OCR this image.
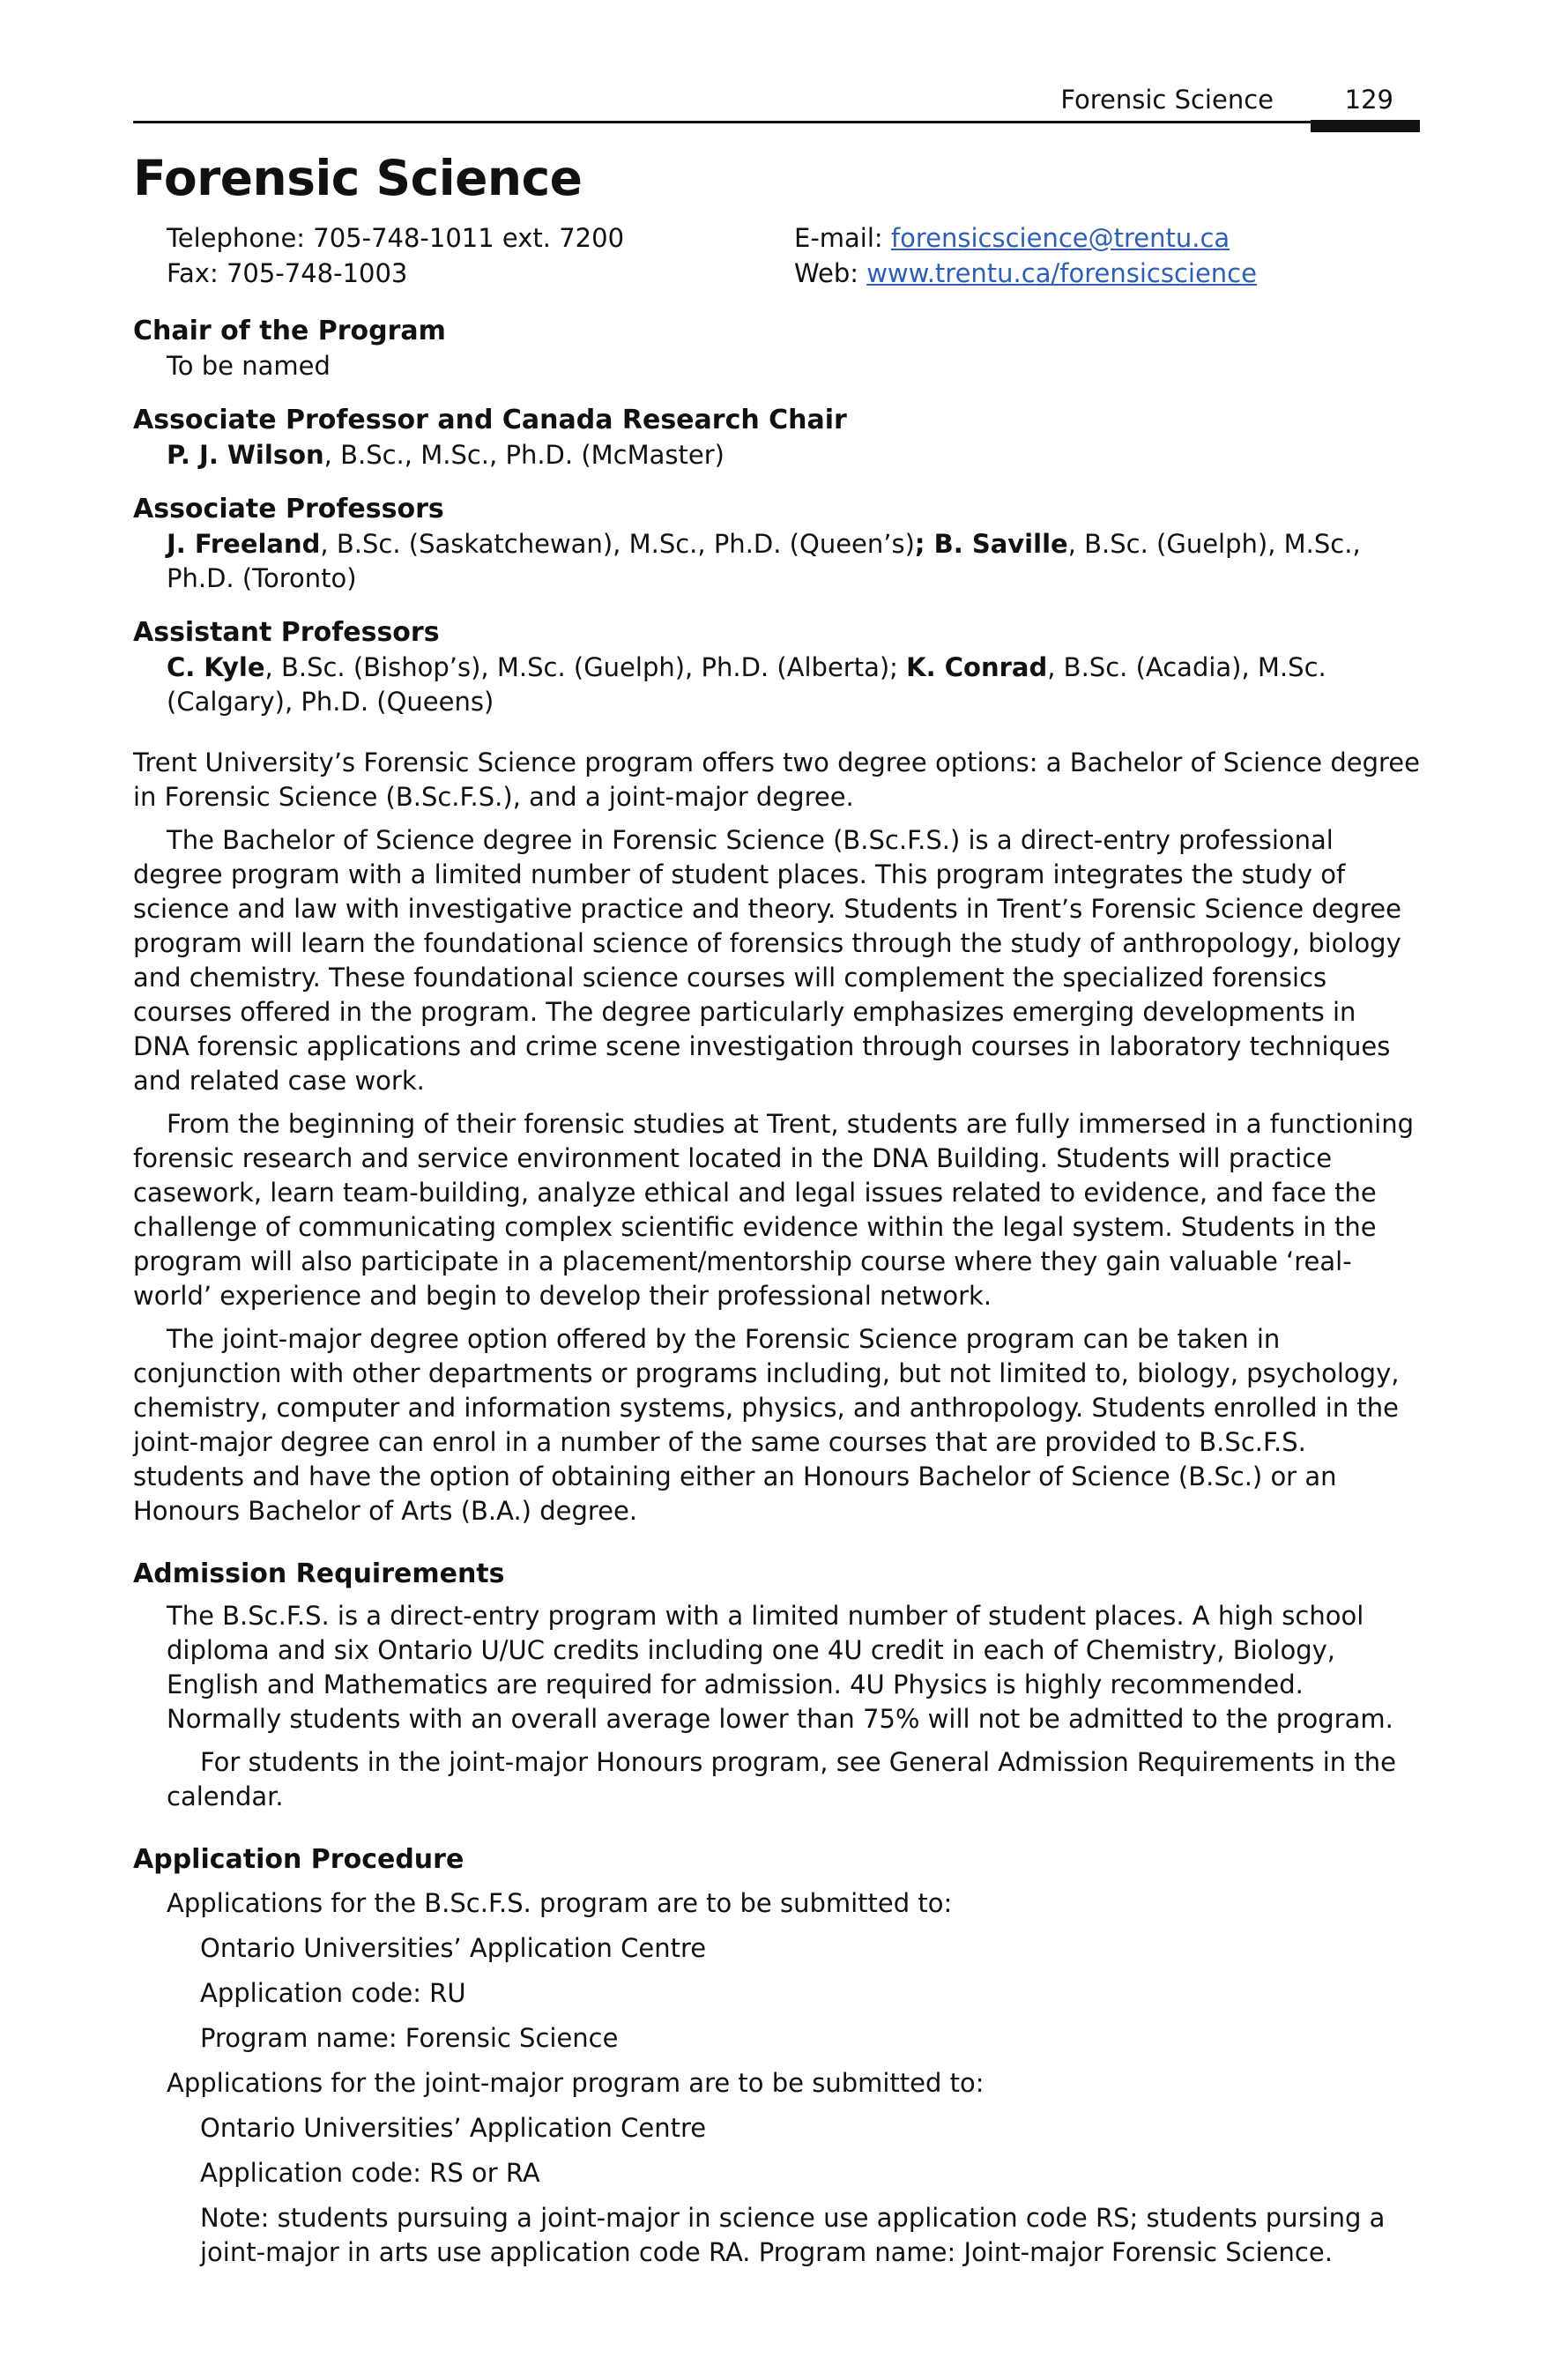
Forensic Science	129
Forensic Science
Telephone: 705-748-1011 ext. 7200
Fax: 705-748-1003
E-mail: forensicscience@trentu.ca
Web: www.trentu.ca/forensicscience
Chair of the Program
To be named
Associate Professor and Canada Research Chair
P. J. Wilson, B.Sc., M.Sc., Ph.D. (McMaster)
Associate Professors
J. Freeland, B.Sc. (Saskatchewan), M.Sc., Ph.D. (Queen’s); B. Saville, B.Sc. (Guelph), M.Sc., Ph.D. (Toronto)
Assistant Professors
C. Kyle, B.Sc. (Bishop’s), M.Sc. (Guelph), Ph.D. (Alberta); K. Conrad, B.Sc. (Acadia), M.Sc. (Calgary), Ph.D. (Queens)

Trent University’s Forensic Science program offers two degree options: a Bachelor of Science degree in Forensic Science (B.Sc.F.S.), and a joint-major degree.

The Bachelor of Science degree in Forensic Science (B.Sc.F.S.) is a direct-entry professional degree program with a limited number of student places. This program integrates the study of science and law with investigative practice and theory. Students in Trent’s Forensic Science degree program will learn the foundational science of forensics through the study of anthropology, biology and chemistry. These foundational science courses will complement the specialized forensics courses offered in the program. The degree particularly emphasizes emerging developments in DNA forensic applications and crime scene investigation through courses in laboratory techniques and related case work.

From the beginning of their forensic studies at Trent, students are fully immersed in a functioning forensic research and service environment located in the DNA Building. Students will practice casework, learn team-building, analyze ethical and legal issues related to evidence, and face the challenge of communicating complex scientific evidence within the legal system. Students in the program will also participate in a placement/mentorship course where they gain valuable ‘real-world’ experience and begin to develop their professional network.

The joint-major degree option offered by the Forensic Science program can be taken in conjunction with other departments or programs including, but not limited to, biology, psychology, chemistry, computer and information systems, physics, and anthropology. Students enrolled in the joint-major degree can enrol in a number of the same courses that are provided to B.Sc.F.S. students and have the option of obtaining either an Honours Bachelor of Science (B.Sc.) or an Honours Bachelor of Arts (B.A.) degree.

Admission Requirements

The B.Sc.F.S. is a direct-entry program with a limited number of student places. A high school diploma and six Ontario U/UC credits including one 4U credit in each of Chemistry, Biology, English and Mathematics are required for admission. 4U Physics is highly recommended. Normally students with an overall average lower than 75% will not be admitted to the program.

For students in the joint-major Honours program, see General Admission Requirements in the calendar.

Application Procedure
Applications for the B.Sc.F.S. program are to be submitted to:
Ontario Universities’ Application Centre
Application code: RU
Program name: Forensic Science
Applications for the joint-major program are to be submitted to:
Ontario Universities’ Application Centre
Application code: RS or RA
Note: students pursuing a joint-major in science use application code RS; students pursing a joint-major in arts use application code RA. Program name: Joint-major Forensic Science.
